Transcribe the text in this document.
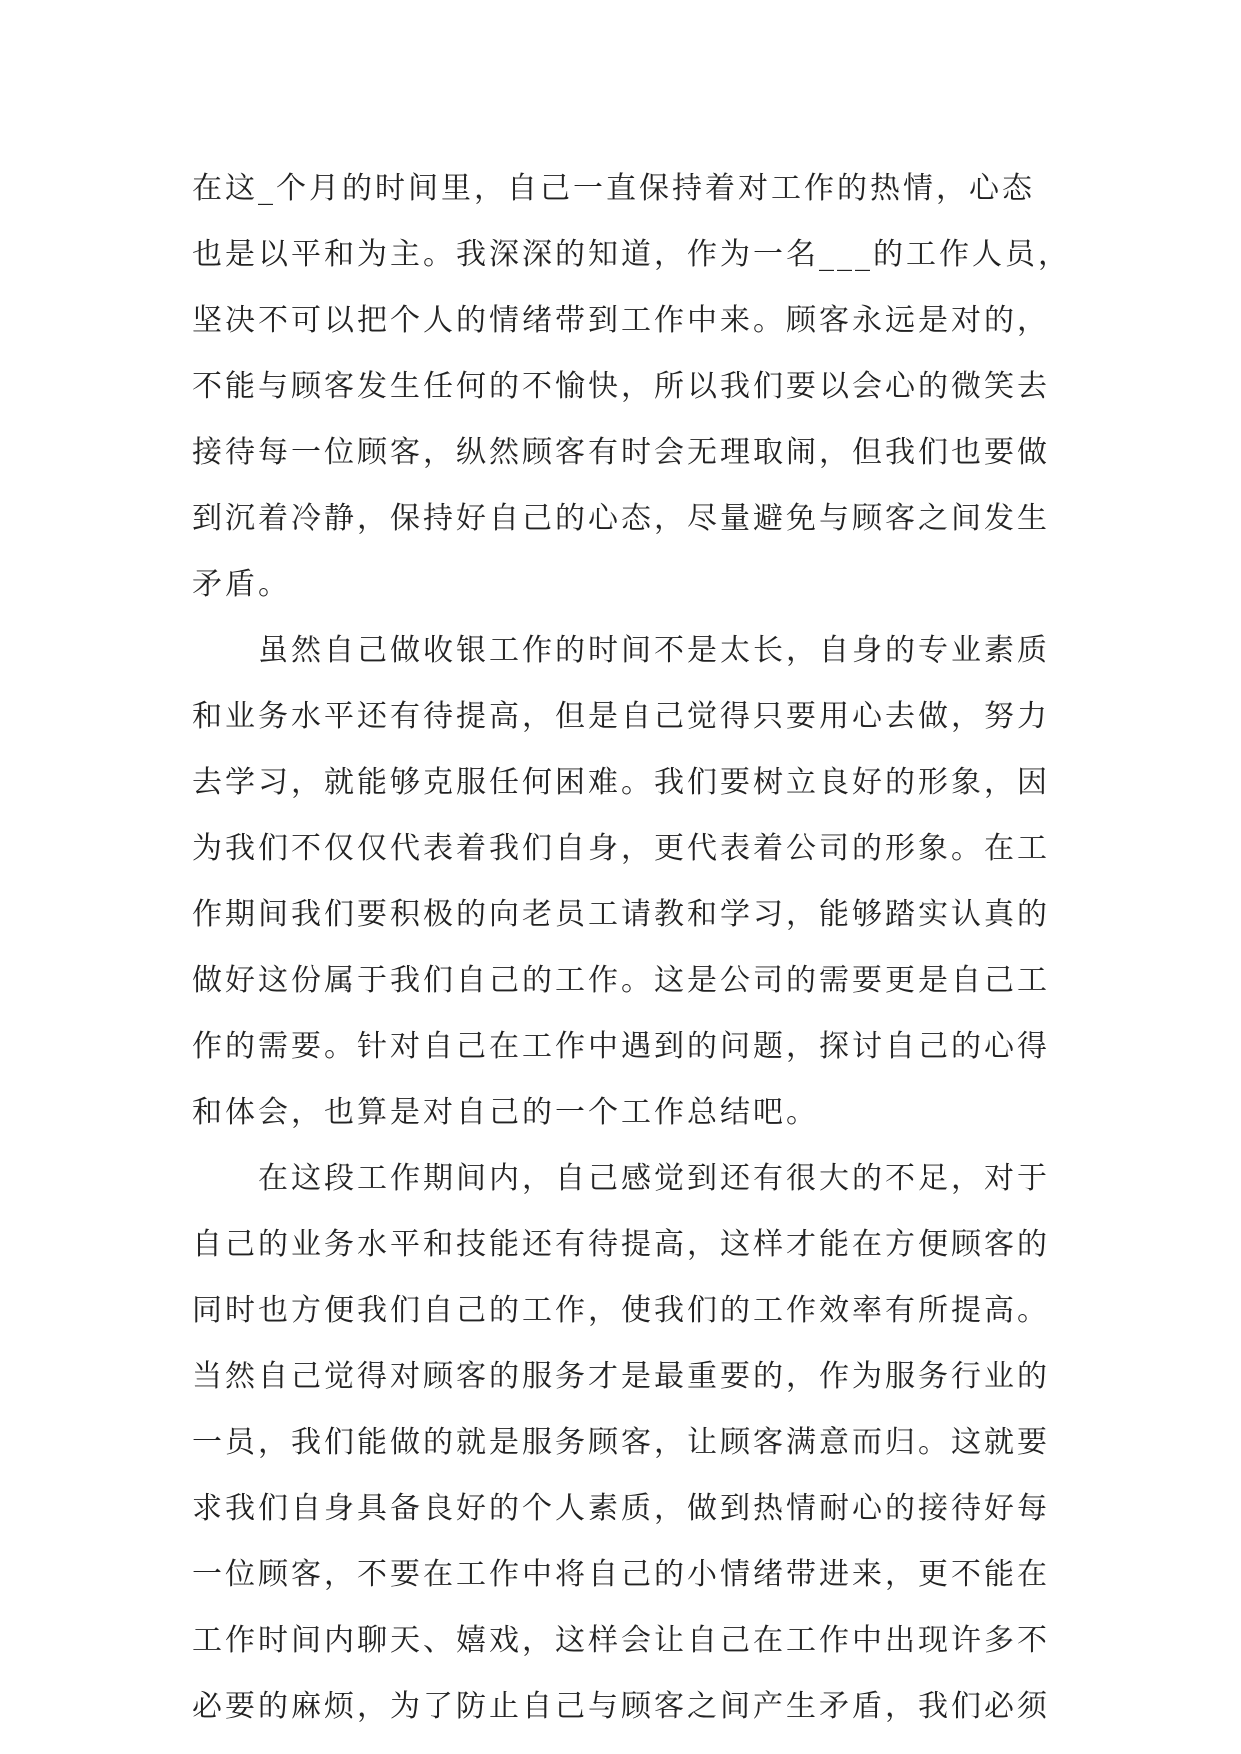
在这_个月的时间里，自己一直保持着对工作的热情，心态
也是以平和为主。我深深的知道，作为一名___的工作人员，
坚决不可以把个人的情绪带到工作中来。顾客永远是对的，
不能与顾客发生任何的不愉快，所以我们要以会心的微笑去
接待每一位顾客，纵然顾客有时会无理取闹，但我们也要做
到沉着冷静，保持好自己的心态，尽量避免与顾客之间发生
矛盾。
　　虽然自己做收银工作的时间不是太长，自身的专业素质
和业务水平还有待提高，但是自己觉得只要用心去做，努力
去学习，就能够克服任何困难。我们要树立良好的形象，因
为我们不仅仅代表着我们自身，更代表着公司的形象。在工
作期间我们要积极的向老员工请教和学习，能够踏实认真的
做好这份属于我们自己的工作。这是公司的需要更是自己工
作的需要。针对自己在工作中遇到的问题，探讨自己的心得
和体会，也算是对自己的一个工作总结吧。
　　在这段工作期间内，自己感觉到还有很大的不足，对于
自己的业务水平和技能还有待提高，这样才能在方便顾客的
同时也方便我们自己的工作，使我们的工作效率有所提高。
当然自己觉得对顾客的服务才是最重要的，作为服务行业的
一员，我们能做的就是服务顾客，让顾客满意而归。这就要
求我们自身具备良好的个人素质，做到热情耐心的接待好每
一位顾客，不要在工作中将自己的小情绪带进来，更不能在
工作时间内聊天、嬉戏，这样会让自己在工作中出现许多不
必要的麻烦，为了防止自己与顾客之间产生矛盾，我们必须
